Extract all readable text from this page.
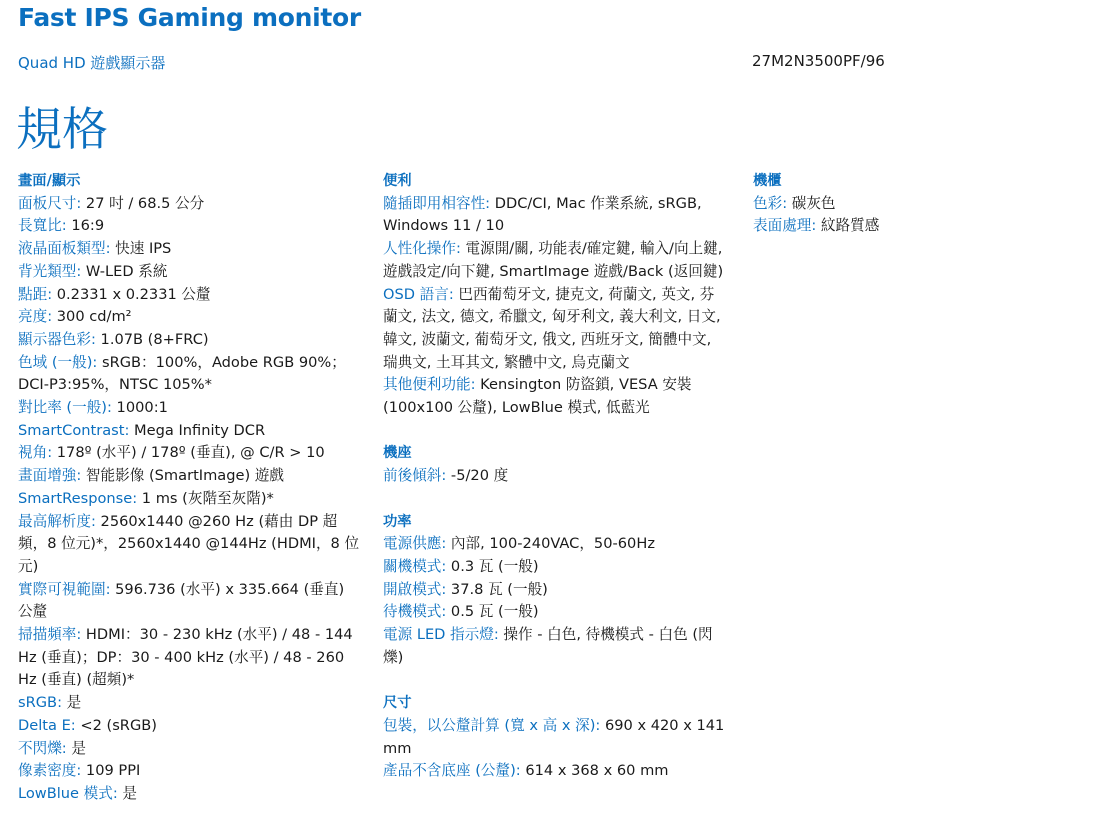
Fast IPS Gaming monitor
Quad HD 遊戲顯示器	27M2N3500PF/96
規格
畫面/顯示
面板尺寸: 27 吋 / 68.5 公分
長寬比: 16:9
液晶面板類型: 快速 IPS
背光類型: W-LED 系統
點距: 0.2331 x 0.2331 公釐
亮度: 300 cd/m²
顯示器色彩: 1.07B (8+FRC)
色域 (一般): sRGB：100%，Adobe RGB 90%；DCI-P3:95%，NTSC 105%*
對比率 (一般): 1000:1
SmartContrast: Mega Infinity DCR
視角: 178º (水平) / 178º (垂直), @ C/R > 10
畫面增強: 智能影像 (SmartImage) 遊戲
SmartResponse: 1 ms (灰階至灰階)*
最高解析度: 2560x1440 @260 Hz (藉由 DP 超頻，8 位元)*，2560x1440 @144Hz (HDMI，8 位元)
實際可視範圍: 596.736 (水平) x 335.664 (垂直) 公釐
掃描頻率: HDMI：30 - 230 kHz (水平) / 48 - 144 Hz (垂直)；DP：30 - 400 kHz (水平) / 48 - 260 Hz (垂直) (超頻)*
sRGB: 是
Delta E: <2 (sRGB)
不閃爍: 是
像素密度: 109 PPI
LowBlue 模式: 是
便利
隨插即用相容性: DDC/CI, Mac 作業系統, sRGB, Windows 11 / 10
人性化操作: 電源開/關, 功能表/確定鍵, 輸入/向上鍵, 遊戲設定/向下鍵, SmartImage 遊戲/Back (返回鍵)
OSD 語言: 巴西葡萄牙文, 捷克文, 荷蘭文, 英文, 芬蘭文, 法文, 德文, 希臘文, 匈牙利文, 義大利文, 日文, 韓文, 波蘭文, 葡萄牙文, 俄文, 西班牙文, 簡體中文, 瑞典文, 土耳其文, 繁體中文, 烏克蘭文
其他便利功能: Kensington 防盜鎖, VESA 安裝 (100x100 公釐), LowBlue 模式, 低藍光
機座
前後傾斜: -5/20 度
功率
電源供應: 內部, 100-240VAC，50-60Hz
關機模式: 0.3 瓦 (一般)
開啟模式: 37.8 瓦 (一般)
待機模式: 0.5 瓦 (一般)
電源 LED 指示燈: 操作 - 白色, 待機模式 - 白色 (閃爍)
尺寸
包裝，以公釐計算 (寬 x 高 x 深): 690 x 420 x 141 mm
產品不含底座 (公釐): 614 x 368 x 60 mm
機櫃
色彩: 碳灰色
表面處理: 紋路質感
